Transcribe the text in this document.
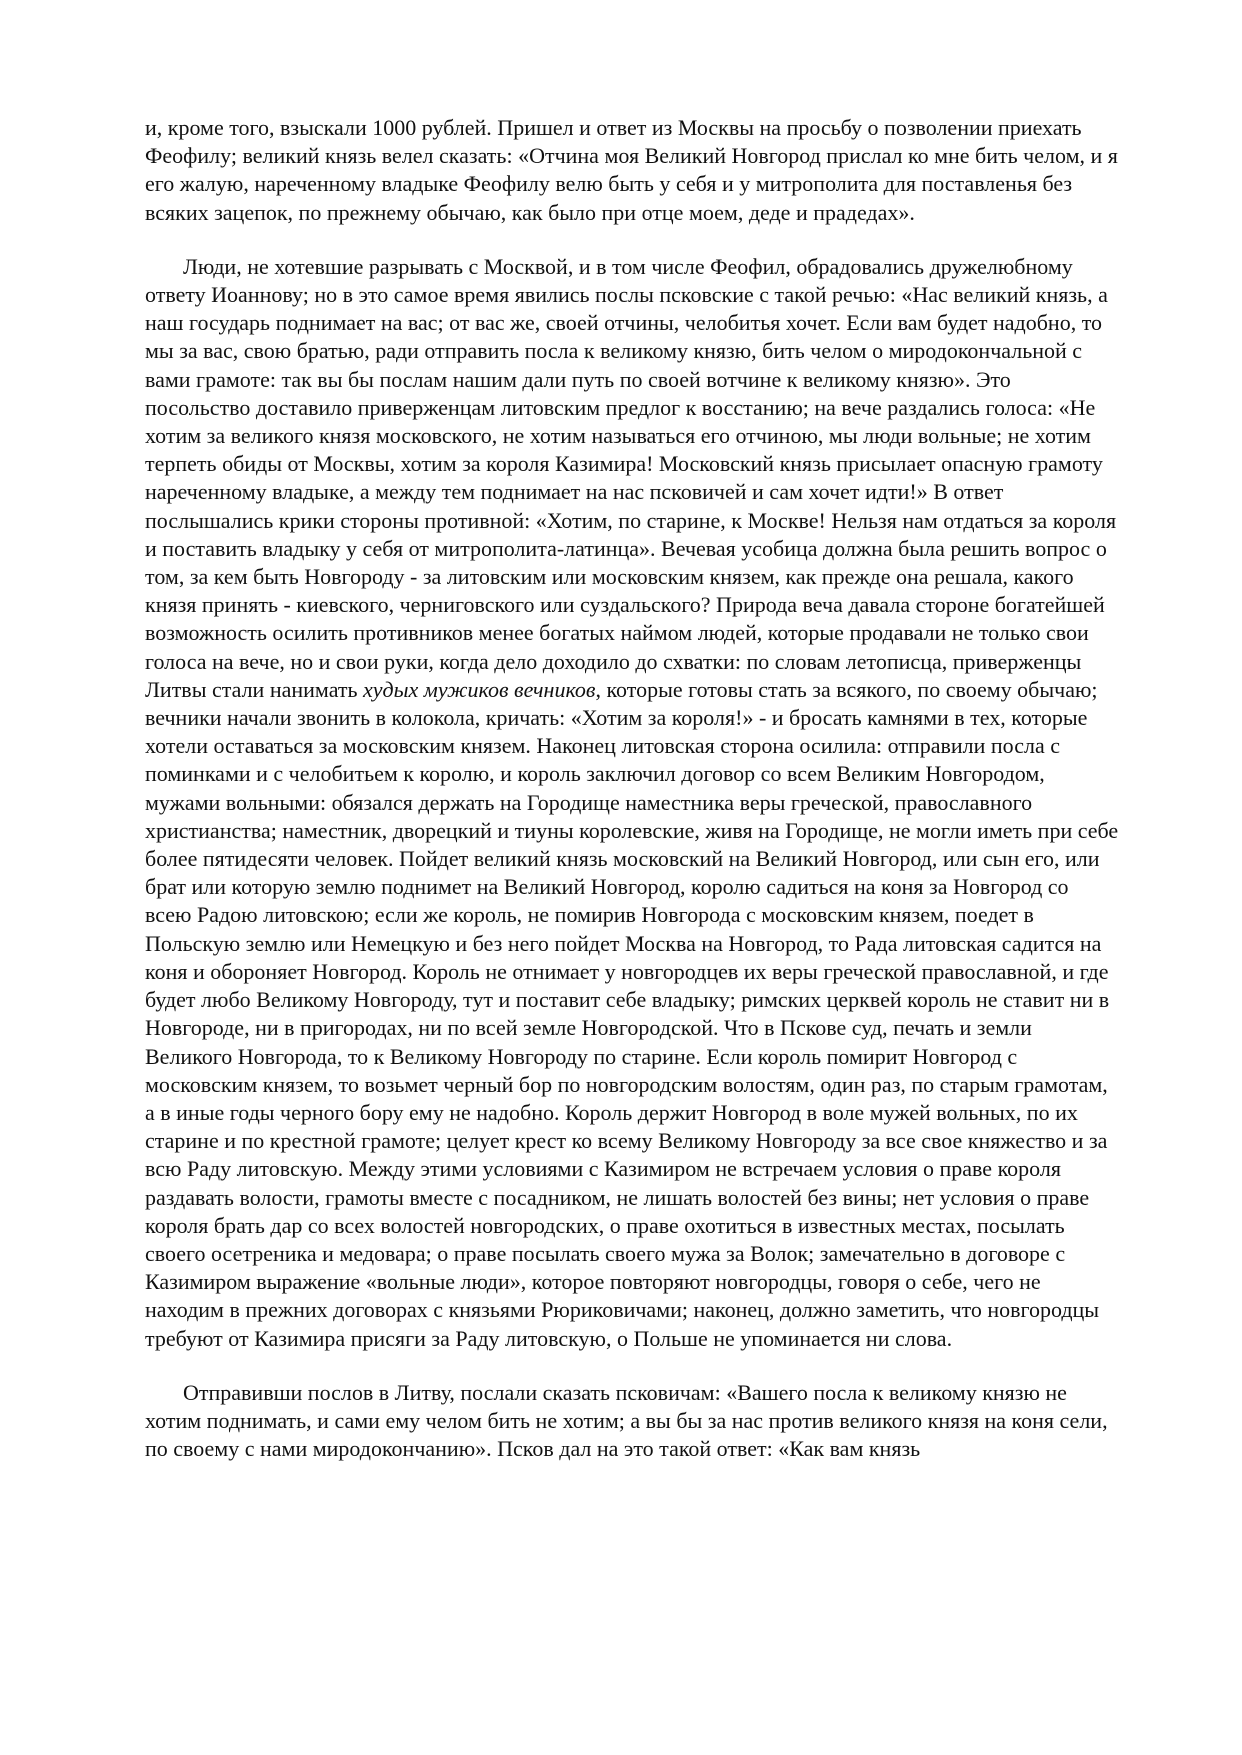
и, кроме того, взыскали 1000 рублей. Пришел и ответ из Москвы на просьбу о позволении приехать Феофилу; великий князь велел сказать: «Отчина моя Великий Новгород прислал ко мне бить челом, и я его жалую, нареченному владыке Феофилу велю быть у себя и у митрополита для поставленья без всяких зацепок, по прежнему обычаю, как было при отце моем, деде и прадедах».

Люди, не хотевшие разрывать с Москвой, и в том числе Феофил, обрадовались дружелюбному ответу Иоаннову; но в это самое время явились послы псковские с такой речью: «Нас великий князь, а наш государь поднимает на вас; от вас же, своей отчины, челобитья хочет. Если вам будет надобно, то мы за вас, свою братью, ради отправить посла к великому князю, бить челом о миродокончальной с вами грамоте: так вы бы послам нашим дали путь по своей вотчине к великому князю». Это посольство доставило приверженцам литовским предлог к восстанию; на вече раздались голоса: «Не хотим за великого князя московского, не хотим называться его отчиною, мы люди вольные; не хотим терпеть обиды от Москвы, хотим за короля Казимира! Московский князь присылает опасную грамоту нареченному владыке, а между тем поднимает на нас псковичей и сам хочет идти!» В ответ послышались крики стороны противной: «Хотим, по старине, к Москве! Нельзя нам отдаться за короля и поставить владыку у себя от митрополита-латинца». Вечевая усобица должна была решить вопрос о том, за кем быть Новгороду - за литовским или московским князем, как прежде она решала, какого князя принять - киевского, черниговского или суздальского? Природа веча давала стороне богатейшей возможность осилить противников менее богатых наймом людей, которые продавали не только свои голоса на вече, но и свои руки, когда дело доходило до схватки: по словам летописца, приверженцы Литвы стали нанимать худых мужиков вечников, которые готовы стать за всякого, по своему обычаю; вечники начали звонить в колокола, кричать: «Хотим за короля!» - и бросать камнями в тех, которые хотели оставаться за московским князем. Наконец литовская сторона осилила: отправили посла с поминками и с челобитьем к королю, и король заключил договор со всем Великим Новгородом, мужами вольными: обязался держать на Городище наместника веры греческой, православного христианства; наместник, дворецкий и тиуны королевские, живя на Городище, не могли иметь при себе более пятидесяти человек. Пойдет великий князь московский на Великий Новгород, или сын его, или брат или которую землю поднимет на Великий Новгород, королю садиться на коня за Новгород со всею Радою литовскою; если же король, не помирив Новгорода с московским князем, поедет в Польскую землю или Немецкую и без него пойдет Москва на Новгород, то Рада литовская садится на коня и обороняет Новгород. Король не отнимает у новгородцев их веры греческой православной, и где будет любо Великому Новгороду, тут и поставит себе владыку; римских церквей король не ставит ни в Новгороде, ни в пригородах, ни по всей земле Новгородской. Что в Пскове суд, печать и земли Великого Новгорода, то к Великому Новгороду по старине. Если король помирит Новгород с московским князем, то возьмет черный бор по новгородским волостям, один раз, по старым грамотам, а в иные годы черного бору ему не надобно. Король держит Новгород в воле мужей вольных, по их старине и по крестной грамоте; целует крест ко всему Великому Новгороду за все свое княжество и за всю Раду литовскую. Между этими условиями с Казимиром не встречаем условия о праве короля раздавать волости, грамоты вместе с посадником, не лишать волостей без вины; нет условия о праве короля брать дар со всех волостей новгородских, о праве охотиться в известных местах, посылать своего осетреника и медовара; о праве посылать своего мужа за Волок; замечательно в договоре с Казимиром выражение «вольные люди», которое повторяют новгородцы, говоря о себе, чего не находим в прежних договорах с князьями Рюриковичами; наконец, должно заметить, что новгородцы требуют от Казимира присяги за Раду литовскую, о Польше не упоминается ни слова.

Отправивши послов в Литву, послали сказать псковичам: «Вашего посла к великому князю не хотим поднимать, и сами ему челом бить не хотим; а вы бы за нас против великого князя на коня сели, по своему с нами миродокончанию». Псков дал на это такой ответ: «Как вам князь
